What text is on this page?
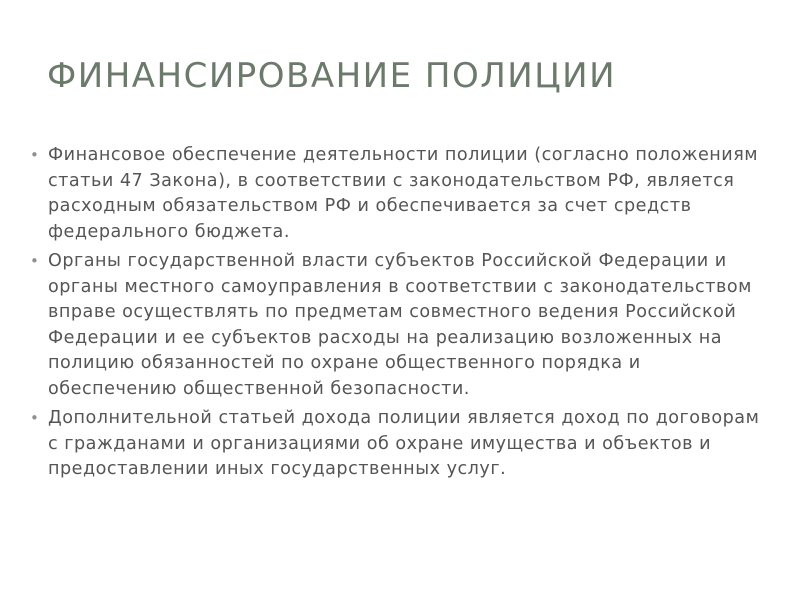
ФИНАНСИРОВАНИЕ ПОЛИЦИИ
• Финансовое обеспечение деятельности полиции (согласно положениям статьи 47 Закона), в соответствии с законодательством РФ, является расходным обязательством РФ и обеспечивается за счет средств федерального бюджета.
• Органы государственной власти субъектов Российской Федерации и органы местного самоуправления в соответствии с законодательством вправе осуществлять по предметам совместного ведения Российской Федерации и ее субъектов расходы на реализацию возложенных на полицию обязанностей по охране общественного порядка и обеспечению общественной безопасности.
• Дополнительной статьей дохода полиции является доход по договорам с гражданами и организациями об охране имущества и объектов и предоставлении иных государственных услуг.
